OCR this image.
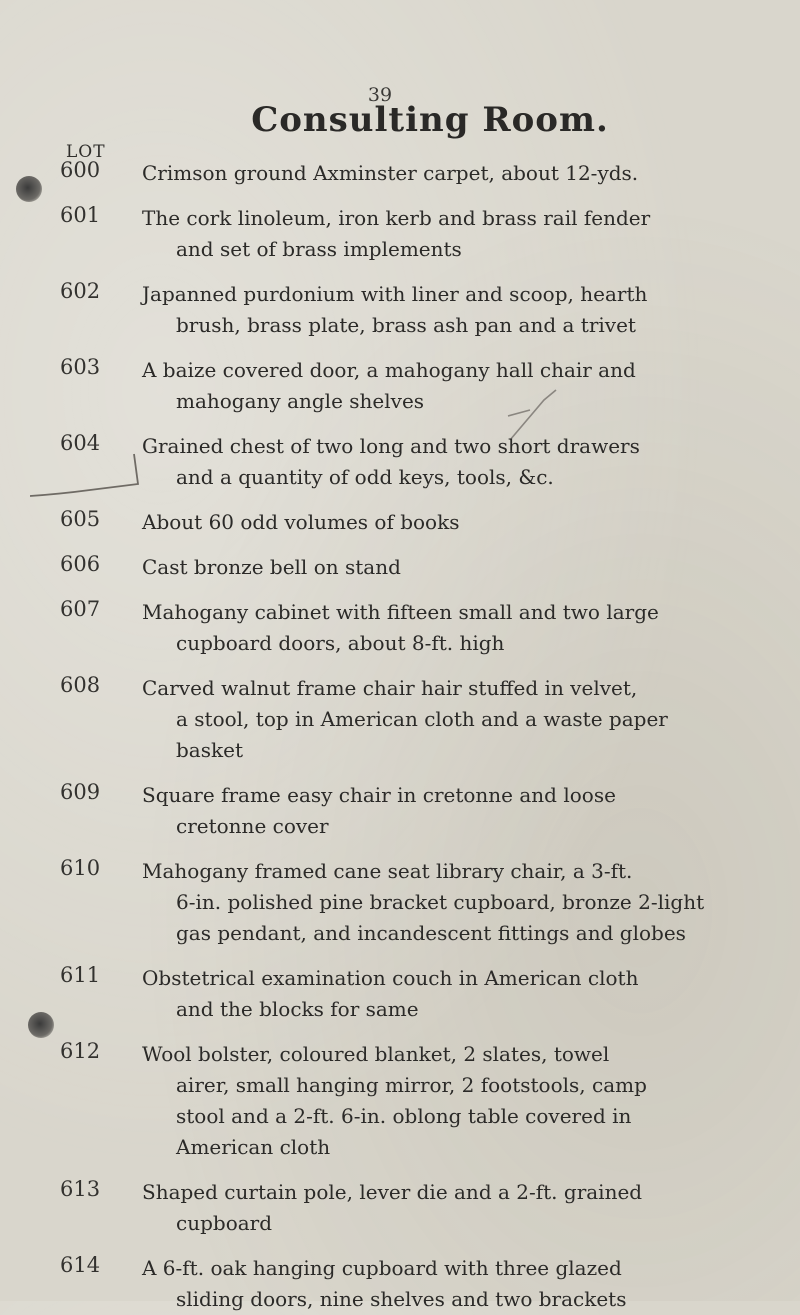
39
Consulting Room.
LOT
600 Crimson ground Axminster carpet, about 12-yds.
601 The cork linoleum, iron kerb and brass rail fender
and set of brass implements
602 Japanned purdonium with liner and scoop, hearth
brush, brass plate, brass ash pan and a trivet
603 A baize covered door, a mahogany hall chair and
mahogany angle shelves
604 Grained chest of two long and two short drawers
and a quantity of odd keys, tools, &c.
605 About 60 odd volumes of books
606 Cast bronze bell on stand
607 Mahogany cabinet with fifteen small and two large
cupboard doors, about 8-ft. high
608 Carved walnut frame chair hair stuffed in velvet,
a stool, top in American cloth and a waste paper
basket
609 Square frame easy chair in cretonne and loose
cretonne cover
610 Mahogany framed cane seat library chair, a 3-ft.
6-in. polished pine bracket cupboard, bronze 2-light
gas pendant, and incandescent fittings and globes
611 Obstetrical examination couch in American cloth
and the blocks for same
612 Wool bolster, coloured blanket, 2 slates, towel
airer, small hanging mirror, 2 footstools, camp
stool and a 2-ft. 6-in. oblong table covered in
American cloth
613 Shaped curtain pole, lever die and a 2-ft. grained
cupboard
614 A 6-ft. oak hanging cupboard with three glazed
sliding doors, nine shelves and two brackets
